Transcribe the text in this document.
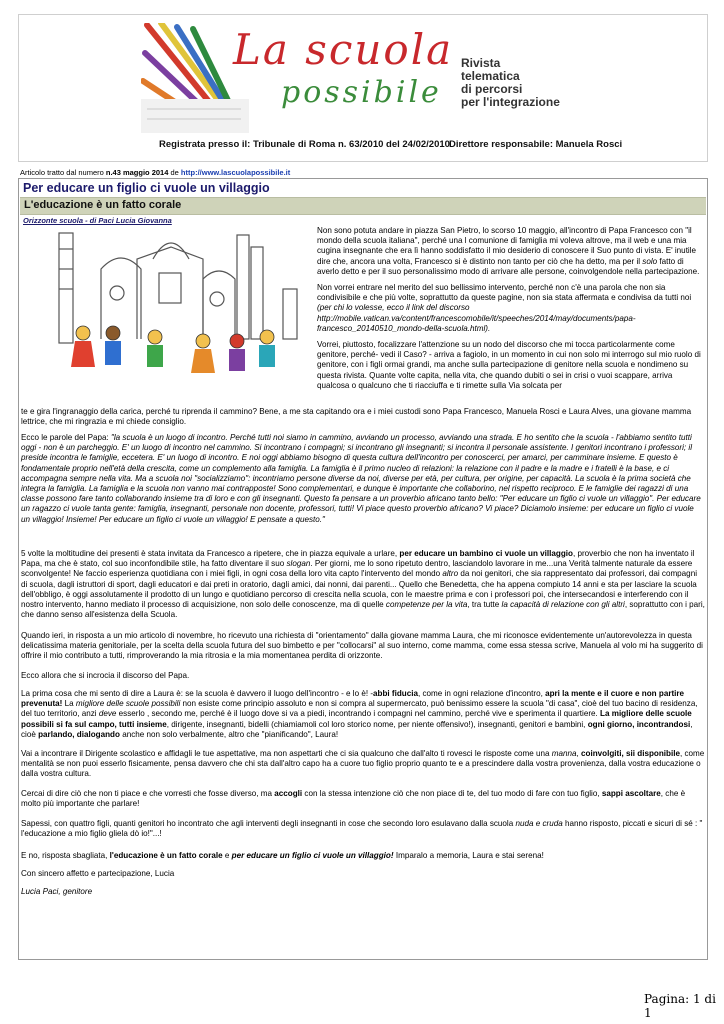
La scuola
possibile
Rivista
telematica
di percorsi
per l'integrazione
Registrata presso il: Tribunale di Roma n. 63/2010 del 24/02/2010 Direttore responsabile: Manuela Rosci
Articolo tratto dal numero n.43 maggio 2014 de http://www.lascuolapossibile.it
Per educare un figlio ci vuole un villaggio
L'educazione è un fatto corale
Orizzonte scuola - di Paci Lucia Giovanna

Non sono potuta andare in piazza San Pietro, lo scorso 10 maggio, all'incontro di Papa Francesco con "il mondo della scuola italiana", perché una l comunione di famiglia mi voleva altrove, ma il web e una mia cugina insegnante che era lì hanno soddisfatto il mio desiderio di conoscere il Suo punto di vista. E' inutile dire che, ancora una volta, Francesco si è distinto non tanto per ciò che ha detto, ma per il solo fatto di averlo detto e per il suo personalissimo modo di arrivare alle persone, coinvolgendole nella partecipazione.

Non vorrei entrare nel merito del suo bellissimo intervento, perché non c'è una parola che non sia condivisibile e che più volte, soprattutto da queste pagine, non sia stata affermata e condivisa da tutti noi (per chi lo volesse, ecco il link del discorso http://mobile.vatican.va/content/francescomobile/it/speeches/2014/may/documents/papa-francesco_20140510_mondo-della-scuola.html).

Vorrei, piuttosto, focalizzare l'attenzione su un nodo del discorso che mi tocca particolarmente come genitore, perché- vedi il Caso? - arriva a fagiolo, in un momento in cui non solo mi interrogo sul mio ruolo di genitore, con i figli ormai grandi, ma anche sulla partecipazione di genitore nella scuola e nondimeno su questa rivista. Quante volte capita, nella vita, che quando dubiti o sei in crisi o vuoi scappare, arriva qualcosa o qualcuno che ti riacciuffa e ti rimette sulla Via solcata per

te e gira l'ingranaggio della carica, perché tu riprenda il cammino? Bene, a me sta capitando ora e i miei custodi sono Papa Francesco, Manuela Rosci e Laura Alves, una giovane mamma lettrice, che mi ringrazia e mi chiede consiglio.

Ecco le parole del Papa: "la scuola è un luogo di incontro. Perché tutti noi siamo in cammino, avviando un processo, avviando una strada. E ho sentito che la scuola - l'abbiamo sentito tutti oggi - non è un parcheggio. E' un luogo di incontro nel cammino. Si incontrano i compagni; si incontrano gli insegnanti; si incontra il personale assistente. I genitori incontrano i professori; il preside incontra le famiglie, eccetera. E' un luogo di incontro. E noi oggi abbiamo bisogno di questa cultura dell'incontro per conoscerci, per amarci, per camminare insieme. E questo è fondamentale proprio nell'età della crescita, come un complemento alla famiglia. La famiglia è il primo nucleo di relazioni: la relazione con il padre e la madre e i fratelli è la base, e ci accompagna sempre nella vita. Ma a scuola noi "socializziamo": incontriamo persone diverse da noi, diverse per età, per cultura, per origine, per capacità. La scuola è la prima società che integra la famiglia. La famiglia e la scuola non vanno mai contrapposte! Sono complementari, e dunque è importante che collaborino, nel rispetto reciproco. E le famiglie dei ragazzi di una classe possono fare tanto collaborando insieme tra di loro e con gli insegnanti. Questo fa pensare a un proverbio africano tanto bello: "Per educare un figlio ci vuole un villaggio". Per educare un ragazzo ci vuole tanta gente: famiglia, insegnanti, personale non docente, professori, tutti! Vi piace questo proverbio africano? Vi piace? Diciamolo insieme: per educare un figlio ci vuole un villaggio! Insieme! Per educare un figlio ci vuole un villaggio! E pensate a questo."

5 volte la moltitudine dei presenti è stata invitata da Francesco a ripetere, che in piazza equivale a urlare, per educare un bambino ci vuole un villaggio, proverbio che non ha inventato il Papa, ma che è stato, col suo inconfondibile stile, ha fatto diventare il suo slogan. Per giorni, me lo sono ripetuto dentro, lasciandolo lavorare in me...una Verità talmente naturale da essere sconvolgente! Ne faccio esperienza quotidiana con i miei figli, in ogni cosa della loro vita capto l'intervento del mondo altro da noi genitori, che sia rappresentato dai professori, dai compagni di scuola, dagli istruttori di sport, dagli educatori e dai preti in oratorio, dagli amici, dai nonni, dai parenti... Quello che Benedetta, che ha appena compiuto 14 anni e sta per lasciare la scuola dell'obbligo, è oggi assolutamente il prodotto di un lungo e quotidiano percorso di crescita nella scuola, con le maestre prima e con i professori poi, che intersecandosi e interferendo con il nostro intervento, hanno mediato il processo di acquisizione, non solo delle conoscenze, ma di quelle competenze per la vita, tra tutte la capacità di relazione con gli altri, soprattutto con i pari, che danno senso all'esistenza della Scuola.

Quando ieri, in risposta a un mio articolo di novembre, ho ricevuto una richiesta di "orientamento" dalla giovane mamma Laura, che mi riconosce evidentemente un'autorevolezza in questa delicatissima materia genitoriale, per la scelta della scuola futura del suo bimbetto e per "collocarsi" al suo interno, come mamma, come essa stessa scrive, Manuela al volo mi ha suggerito di offrire il mio contributo a tutti, rimproverando la mia ritrosia e la mia momentanea perdita di orizzonte.

Ecco allora che si incrocia il discorso del Papa.

La prima cosa che mi sento di dire a Laura è: se la scuola è davvero il luogo dell'incontro - e lo è! -abbi fiducia, come in ogni relazione d'incontro, apri la mente e il cuore e non partire prevenuta! La migliore delle scuole possibili non esiste come principio assoluto e non si compra al supermercato, può benissimo essere la scuola "di casa", cioè del tuo bacino di residenza, del tuo territorio, anzi deve esserlo , secondo me, perché è il luogo dove si va a piedi, incontrando i compagni nel cammino, perché vive e sperimenta il quartiere. La migliore delle scuole possibili si fa sul campo, tutti insieme, dirigente, insegnanti, bidelli (chiamiamoli col loro storico nome, per niente offensivo!), insegnanti, genitori e bambini, ogni giorno, incontrandosi, cioè parlando, dialogando anche non solo verbalmente, altro che "pianificando", Laura!

Vai a incontrare il Dirigente scolastico e affidagli le tue aspettative, ma non aspettarti che ci sia qualcuno che dall'alto ti rovesci le risposte come una manna, coinvolgiti, sii disponibile, come mentalità se non puoi esserlo fisicamente, pensa davvero che chi sta dall'altro capo ha a cuore tuo figlio proprio quanto te e a prescindere dalla vostra provenienza, dalla vostra educazione o dalla vostra cultura.

Cercai di dire ciò che non ti piace e che vorresti che fosse diverso, ma accogli con la stessa intenzione ciò che non piace di te, del tuo modo di fare con tuo figlio, sappi ascoltare, che è molto più importante che parlare!

Sapessi, con quattro figli, quanti genitori ho incontrato che agli interventi degli insegnanti in cose che secondo loro esulavano dalla scuola nuda e cruda hanno risposto, piccati e sicuri di sé : " l'educazione a mio figlio gliela dò io!"...!

E no, risposta sbagliata, l'educazione è un fatto corale e per educare un figlio ci vuole un villaggio! Imparalo a memoria, Laura e stai serena!

Con sincero affetto e partecipazione, Lucia

Lucia Paci, genitore

Pagina: 1 di 1
